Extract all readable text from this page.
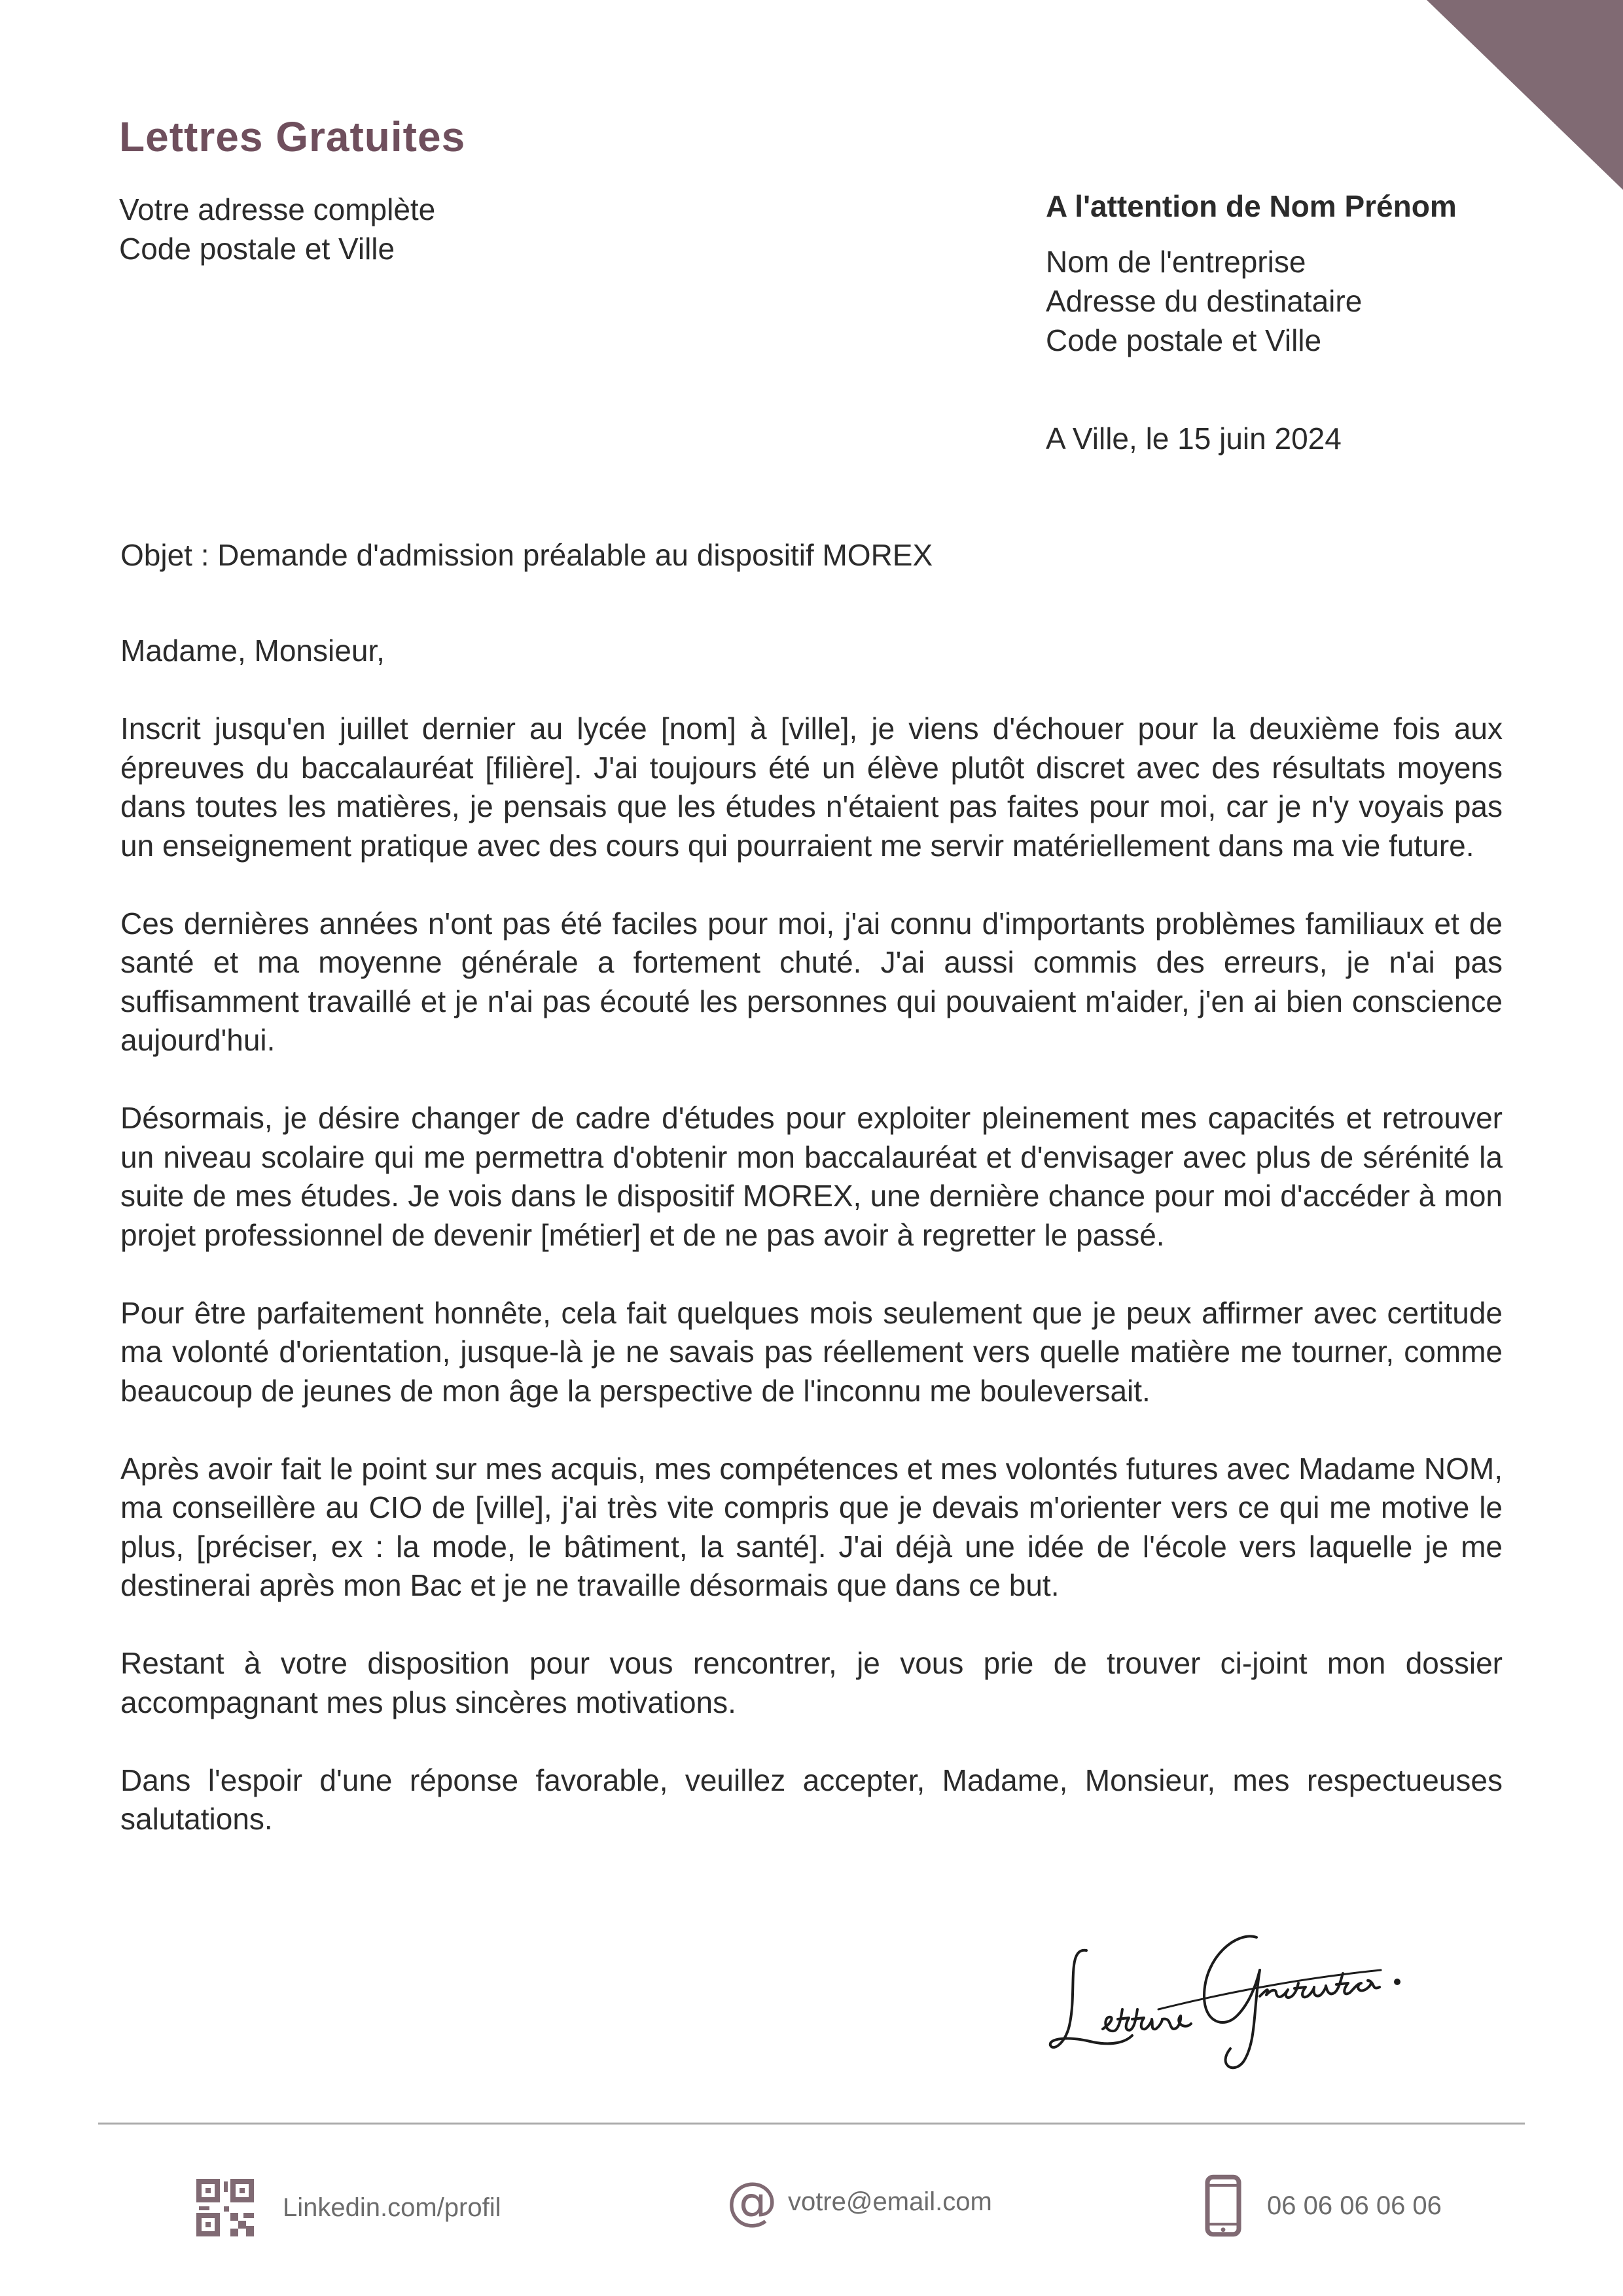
Lettres Gratuites
Votre adresse complète
Code postale et Ville
A l'attention de Nom Prénom
Nom de l'entreprise
Adresse du destinataire
Code postale et Ville
A Ville, le 15 juin 2024
Objet : Demande d'admission préalable au dispositif MOREX

Madame, Monsieur,

Inscrit jusqu'en juillet dernier au lycée [nom] à [ville], je viens d'échouer pour la deuxième fois aux épreuves du baccalauréat [filière]. J'ai toujours été un élève plutôt discret avec des résultats moyens dans toutes les matières, je pensais que les études n'étaient pas faites pour moi, car je n'y voyais pas un enseignement pratique avec des cours qui pourraient me servir matériellement dans ma vie future.

Ces dernières années n'ont pas été faciles pour moi, j'ai connu d'importants problèmes familiaux et de santé et ma moyenne générale a fortement chuté. J'ai aussi commis des erreurs, je n'ai pas suffisamment travaillé et je n'ai pas écouté les personnes qui pouvaient m'aider, j'en ai bien conscience aujourd'hui.

Désormais, je désire changer de cadre d'études pour exploiter pleinement mes capacités et retrouver un niveau scolaire qui me permettra d'obtenir mon baccalauréat et d'envisager avec plus de sérénité la suite de mes études. Je vois dans le dispositif MOREX, une dernière chance pour moi d'accéder à mon projet professionnel de devenir [métier] et de ne pas avoir à regretter le passé.

Pour être parfaitement honnête, cela fait quelques mois seulement que je peux affirmer avec certitude ma volonté d'orientation, jusque-là je ne savais pas réellement vers quelle matière me tourner, comme beaucoup de jeunes de mon âge la perspective de l'inconnu me bouleversait.

Après avoir fait le point sur mes acquis, mes compétences et mes volontés futures avec Madame NOM, ma conseillère au CIO de [ville], j'ai très vite compris que je devais m'orienter vers ce qui me motive le plus, [préciser, ex : la mode, le bâtiment, la santé]. J'ai déjà une idée de l'école vers laquelle je me destinerai après mon Bac et je ne travaille désormais que dans ce but.

Restant à votre disposition pour vous rencontrer, je vous prie de trouver ci-joint mon dossier accompagnant mes plus sincères motivations.

Dans l'espoir d'une réponse favorable, veuillez accepter, Madame, Monsieur, mes respectueuses salutations.

Linkedin.com/profil	@ votre@email.com	06 06 06 06 06
